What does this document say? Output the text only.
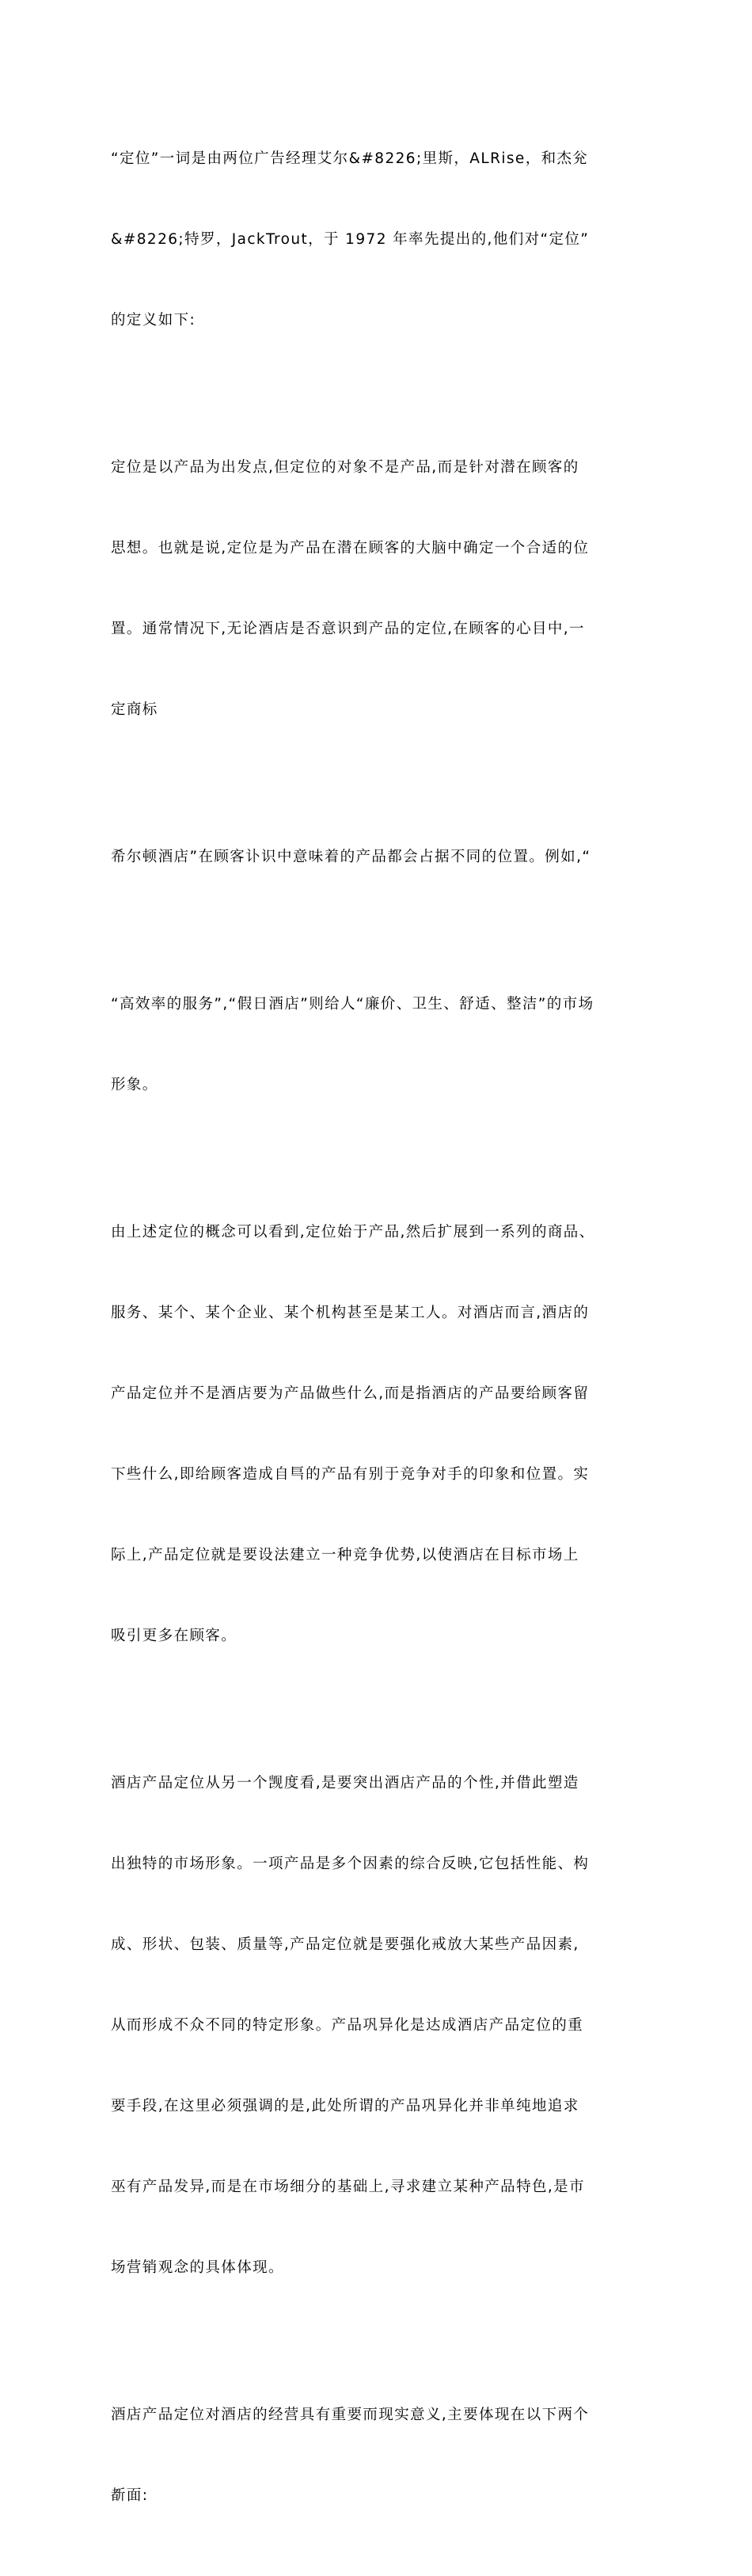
“定位”一词是由两位广告经理艾尔&#8226;里斯，ALRise，和杰兊

&#8226;特罗，JackTrout，于 1972 年率先提出的,他们对“定位”

的定义如下:

定位是以产品为出发点,但定位的对象不是产品,而是针对潜在顾客的

思想。也就是说,定位是为产品在潜在顾客的大脑中确定一个合适的位

置。通常情况下,无论酒店是否意识到产品的定位,在顾客的心目中,一

定商标

希尔顿酒店”在顾客讣识中意味着的产品都会占据不同的位置。例如,“

“高效率的服务”,“假日酒店”则给人“廉价、卫生、舒适、整洁”的市场

形象。

由上述定位的概念可以看到,定位始于产品,然后扩展到一系列的商品、

服务、某个、某个企业、某个机构甚至是某工人。对酒店而言,酒店的

产品定位并不是酒店要为产品做些什么,而是指酒店的产品要给顾客留

下些什么,即给顾客造成自巪的产品有别于竞争对手的印象和位置。实

际上,产品定位就是要设法建立一种竞争优势,以使酒店在目标市场上

吸引更多在顾客。

酒店产品定位从另一个觊度看,是要突出酒店产品的个性,并借此塑造

出独特的市场形象。一项产品是多个因素的综合反映,它包括性能、构

成、形状、包装、质量等,产品定位就是要强化戒放大某些产品因素,

从而形成不众不同的特定形象。产品巩异化是达成酒店产品定位的重

要手段,在这里必须强调的是,此处所谓的产品巩异化并非单纯地追求

巫有产品发异,而是在市场细分的基础上,寻求建立某种产品特色,是市

场营销观念的具体体现。

酒店产品定位对酒店的经营具有重要而现实意义,主要体现在以下两个

斱面:
